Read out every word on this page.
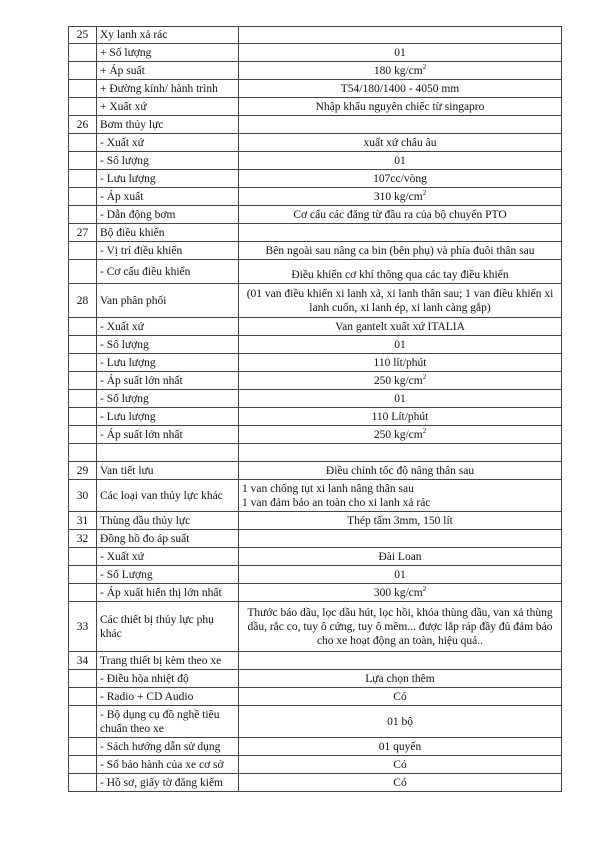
25	Xy lanh xả rác	
	+ Số lượng	01
	+ Áp suất	180 $kg/cm^2$
	+ Đường kính/ hành trình	T54/180/1400 - 4050 mm
	+ Xuất xứ	Nhập khẩu nguyên chiếc từ singapro
26	Bơm thủy lực	
	- Xuất xứ	xuất xứ châu âu
	- Số lượng	01
	- Lưu lượng	107cc/vòng
	- Áp xuất	310 $kg/cm^2$
	- Dẫn động bơm	Cơ cấu các đăng từ đầu ra của bộ chuyển PTO
27	Bộ điều khiển	
	- Vị trí điều khiển	Bên ngoài sau nâng ca bin (bên phụ) và phía đuôi thân sau
	- Cơ cấu điều khiển	Điều khiển cơ khí thông qua các tay điều khiển
28	Van phân phối	(01 van điều khiển xi lanh xả, xi lanh thân sau; 1 van điều khiển xi lanh cuốn, xi lanh ép, xi lanh càng gắp)
	- Xuất xứ	Van gantelt xuất xứ ITALIA
	- Số lượng	01
	- Lưu lượng	110 lít/phút
	- Áp suất lớn nhất	250 $kg/cm^2$
	- Số lượng	01
	- Lưu lượng	110 Lít/phút
	- Áp suất lớn nhất	250 $kg/cm^2$

29	Van tiết lưu	Điều chỉnh tốc độ nâng thân sau
30	Các loại van thủy lực khác	1 van chống tụt xi lanh nâng thân sau
1 van đảm bảo an toàn cho xi lanh xả rác
31	Thùng dầu thủy lực	Thép tấm 3mm, 150 lít
32	Đồng hồ đo áp suất	
	- Xuất xứ	Đài Loan
	- Số Lượng	01
	- Áp xuất hiển thị lớn nhất	300 $kg/cm^2$
33	Các thiết bị thủy lực phụ khác	Thước báo dầu, lọc dầu hút, lọc hồi, khóa thùng dầu, van xả thùng dầu, rắc co, tuy ô cứng, tuy ô mềm... được lắp ráp đầy đủ đảm bảo cho xe hoạt động an toàn, hiệu quả..
34	Trang thiết bị kèm theo xe	
	- Điều hòa nhiệt độ	Lựa chọn thêm
	- Radio + CD Audio	Có
	- Bộ dụng cụ đồ nghề tiêu chuẩn theo xe	01 bộ
	- Sách hướng dẫn sử dụng	01 quyển
	- Sổ bảo hành của xe cơ sở	Có
	- Hồ sơ, giấy tờ đăng kiểm	Có
